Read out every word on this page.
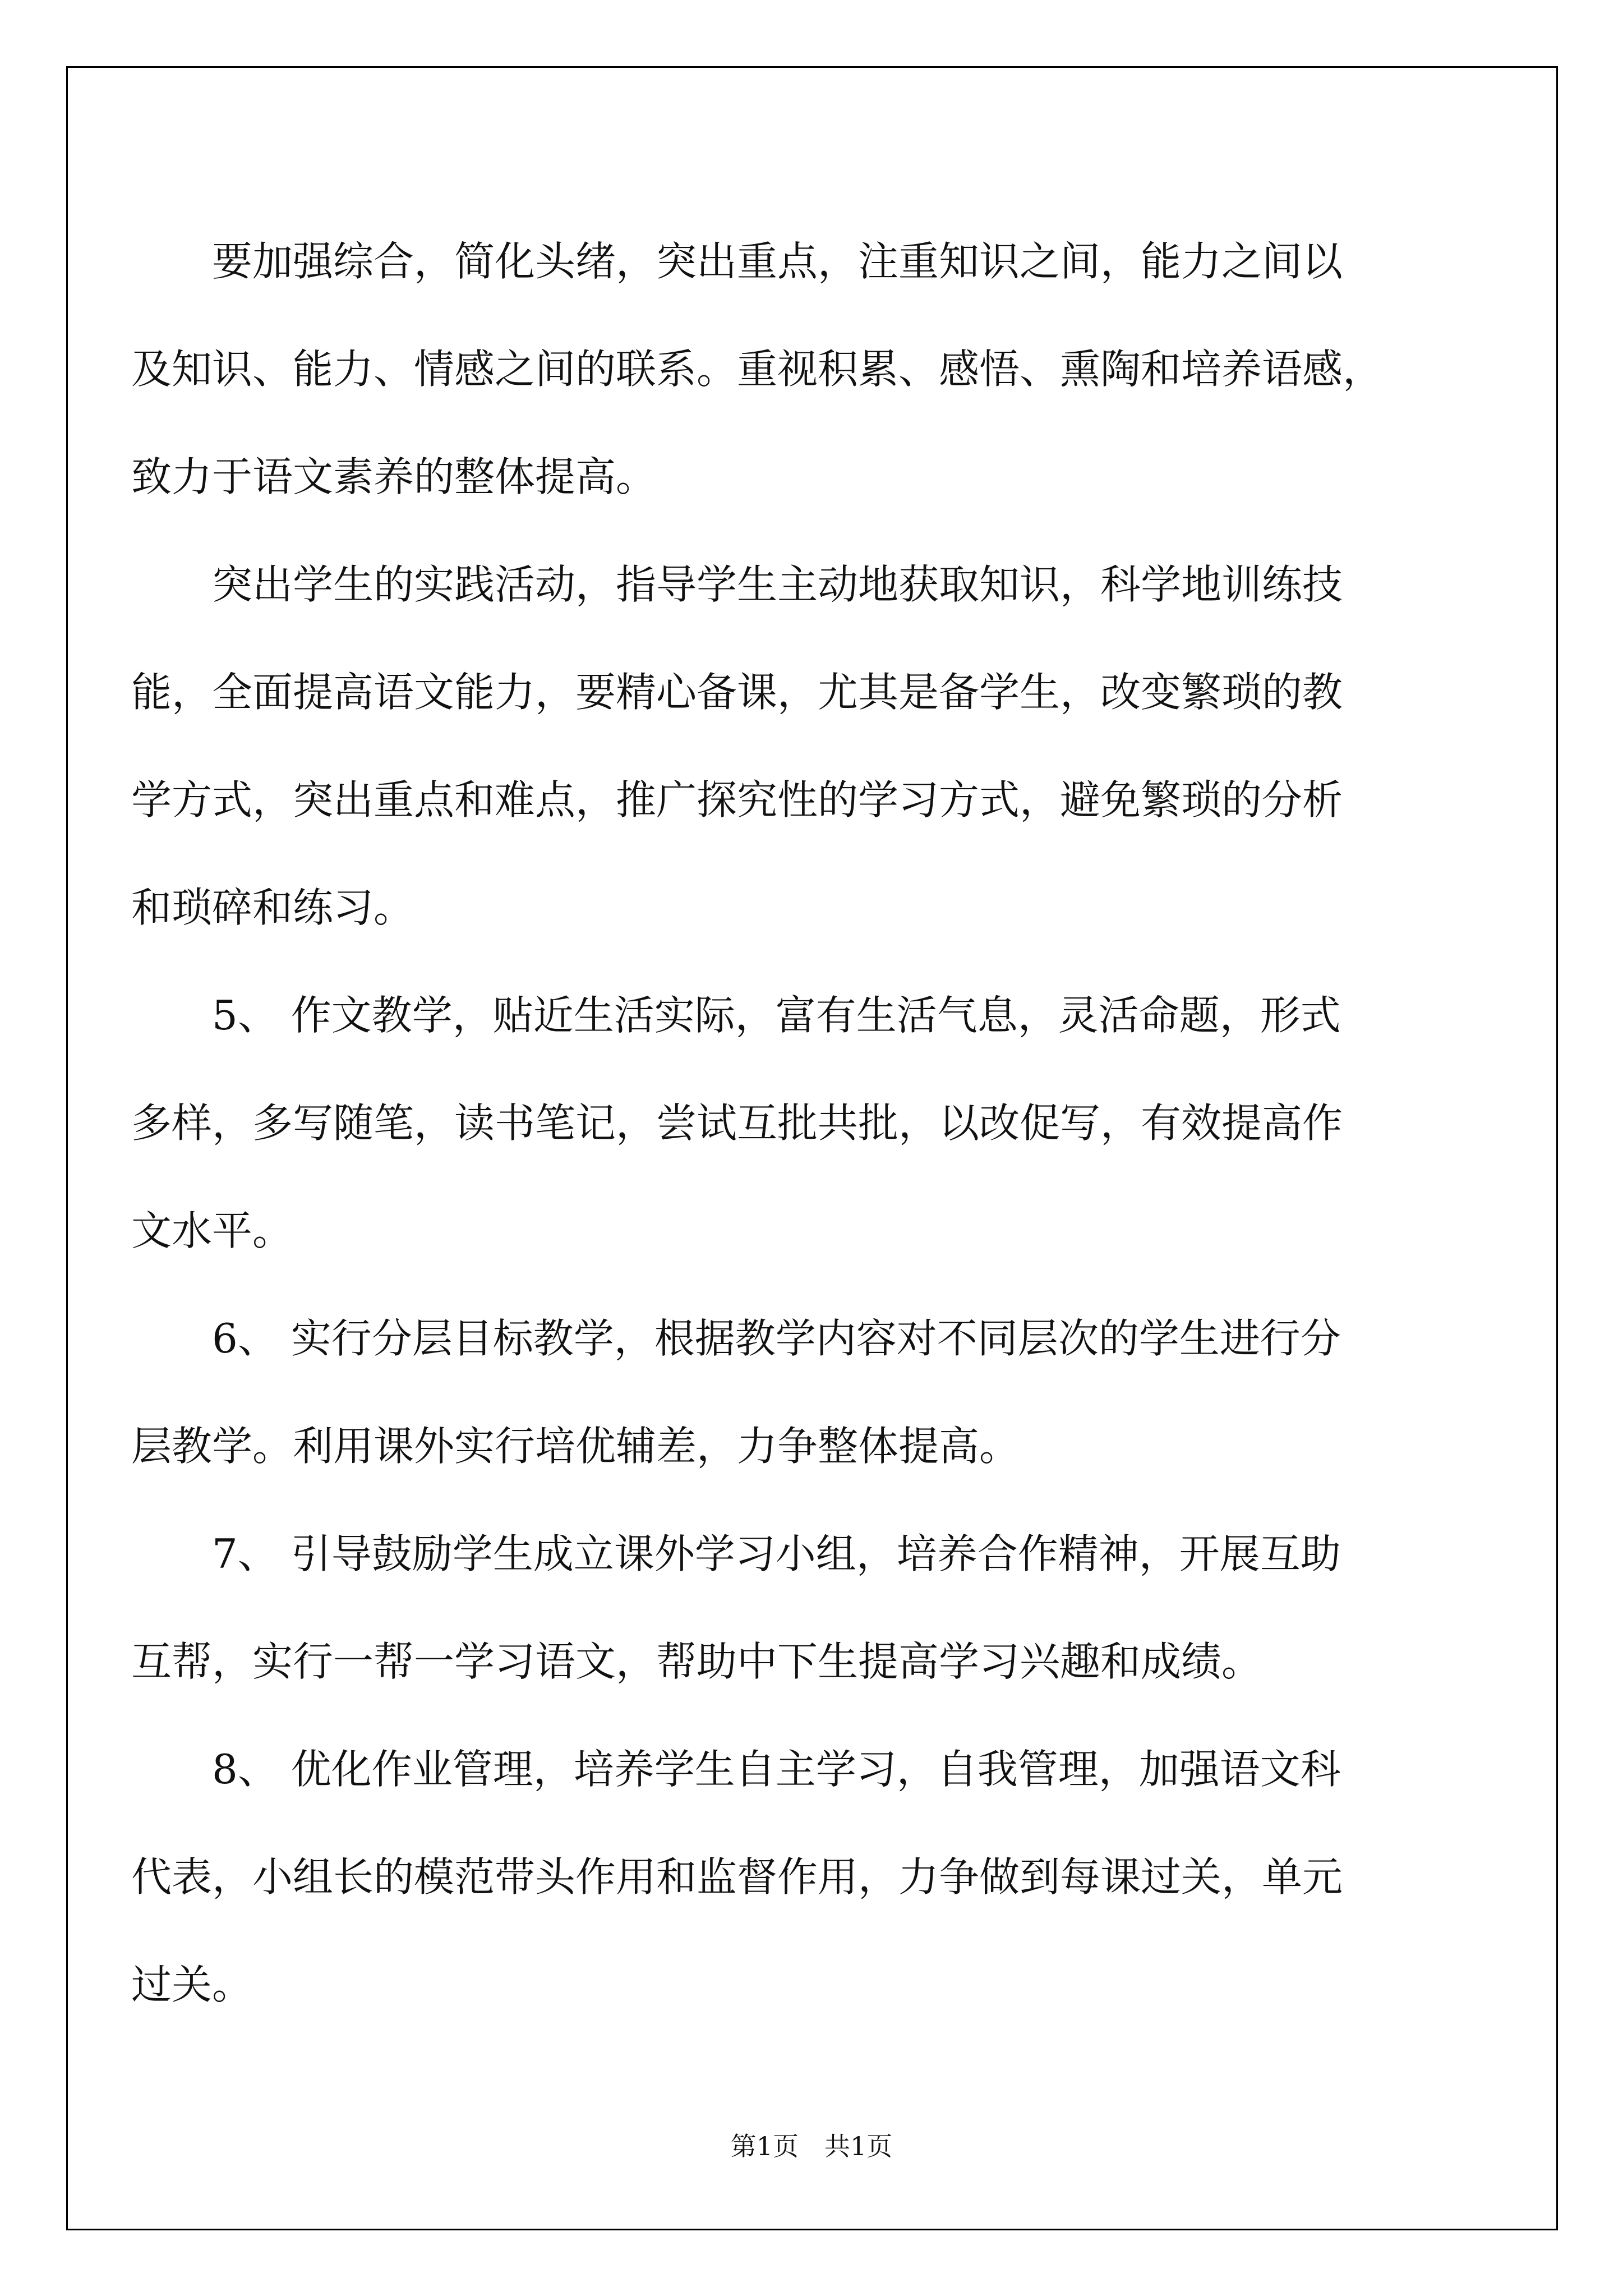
　　要加强综合，简化头绪，突出重点，注重知识之间，能力之间以
及知识、能力、情感之间的联系。重视积累、感悟、熏陶和培养语感，
致力于语文素养的整体提高。
　　突出学生的实践活动，指导学生主动地获取知识，科学地训练技
能，全面提高语文能力，要精心备课，尤其是备学生，改变繁琐的教
学方式，突出重点和难点，推广探究性的学习方式，避免繁琐的分析
和琐碎和练习。
　　5、 作文教学，贴近生活实际，富有生活气息，灵活命题，形式
多样，多写随笔，读书笔记，尝试互批共批，以改促写，有效提高作
文水平。
　　6、 实行分层目标教学，根据教学内容对不同层次的学生进行分
层教学。利用课外实行培优辅差，力争整体提高。
　　7、 引导鼓励学生成立课外学习小组，培养合作精神，开展互助
互帮，实行一帮一学习语文，帮助中下生提高学习兴趣和成绩。
　　8、 优化作业管理，培养学生自主学习，自我管理，加强语文科
代表，小组长的模范带头作用和监督作用，力争做到每课过关，单元
过关。
第1页　共1页
